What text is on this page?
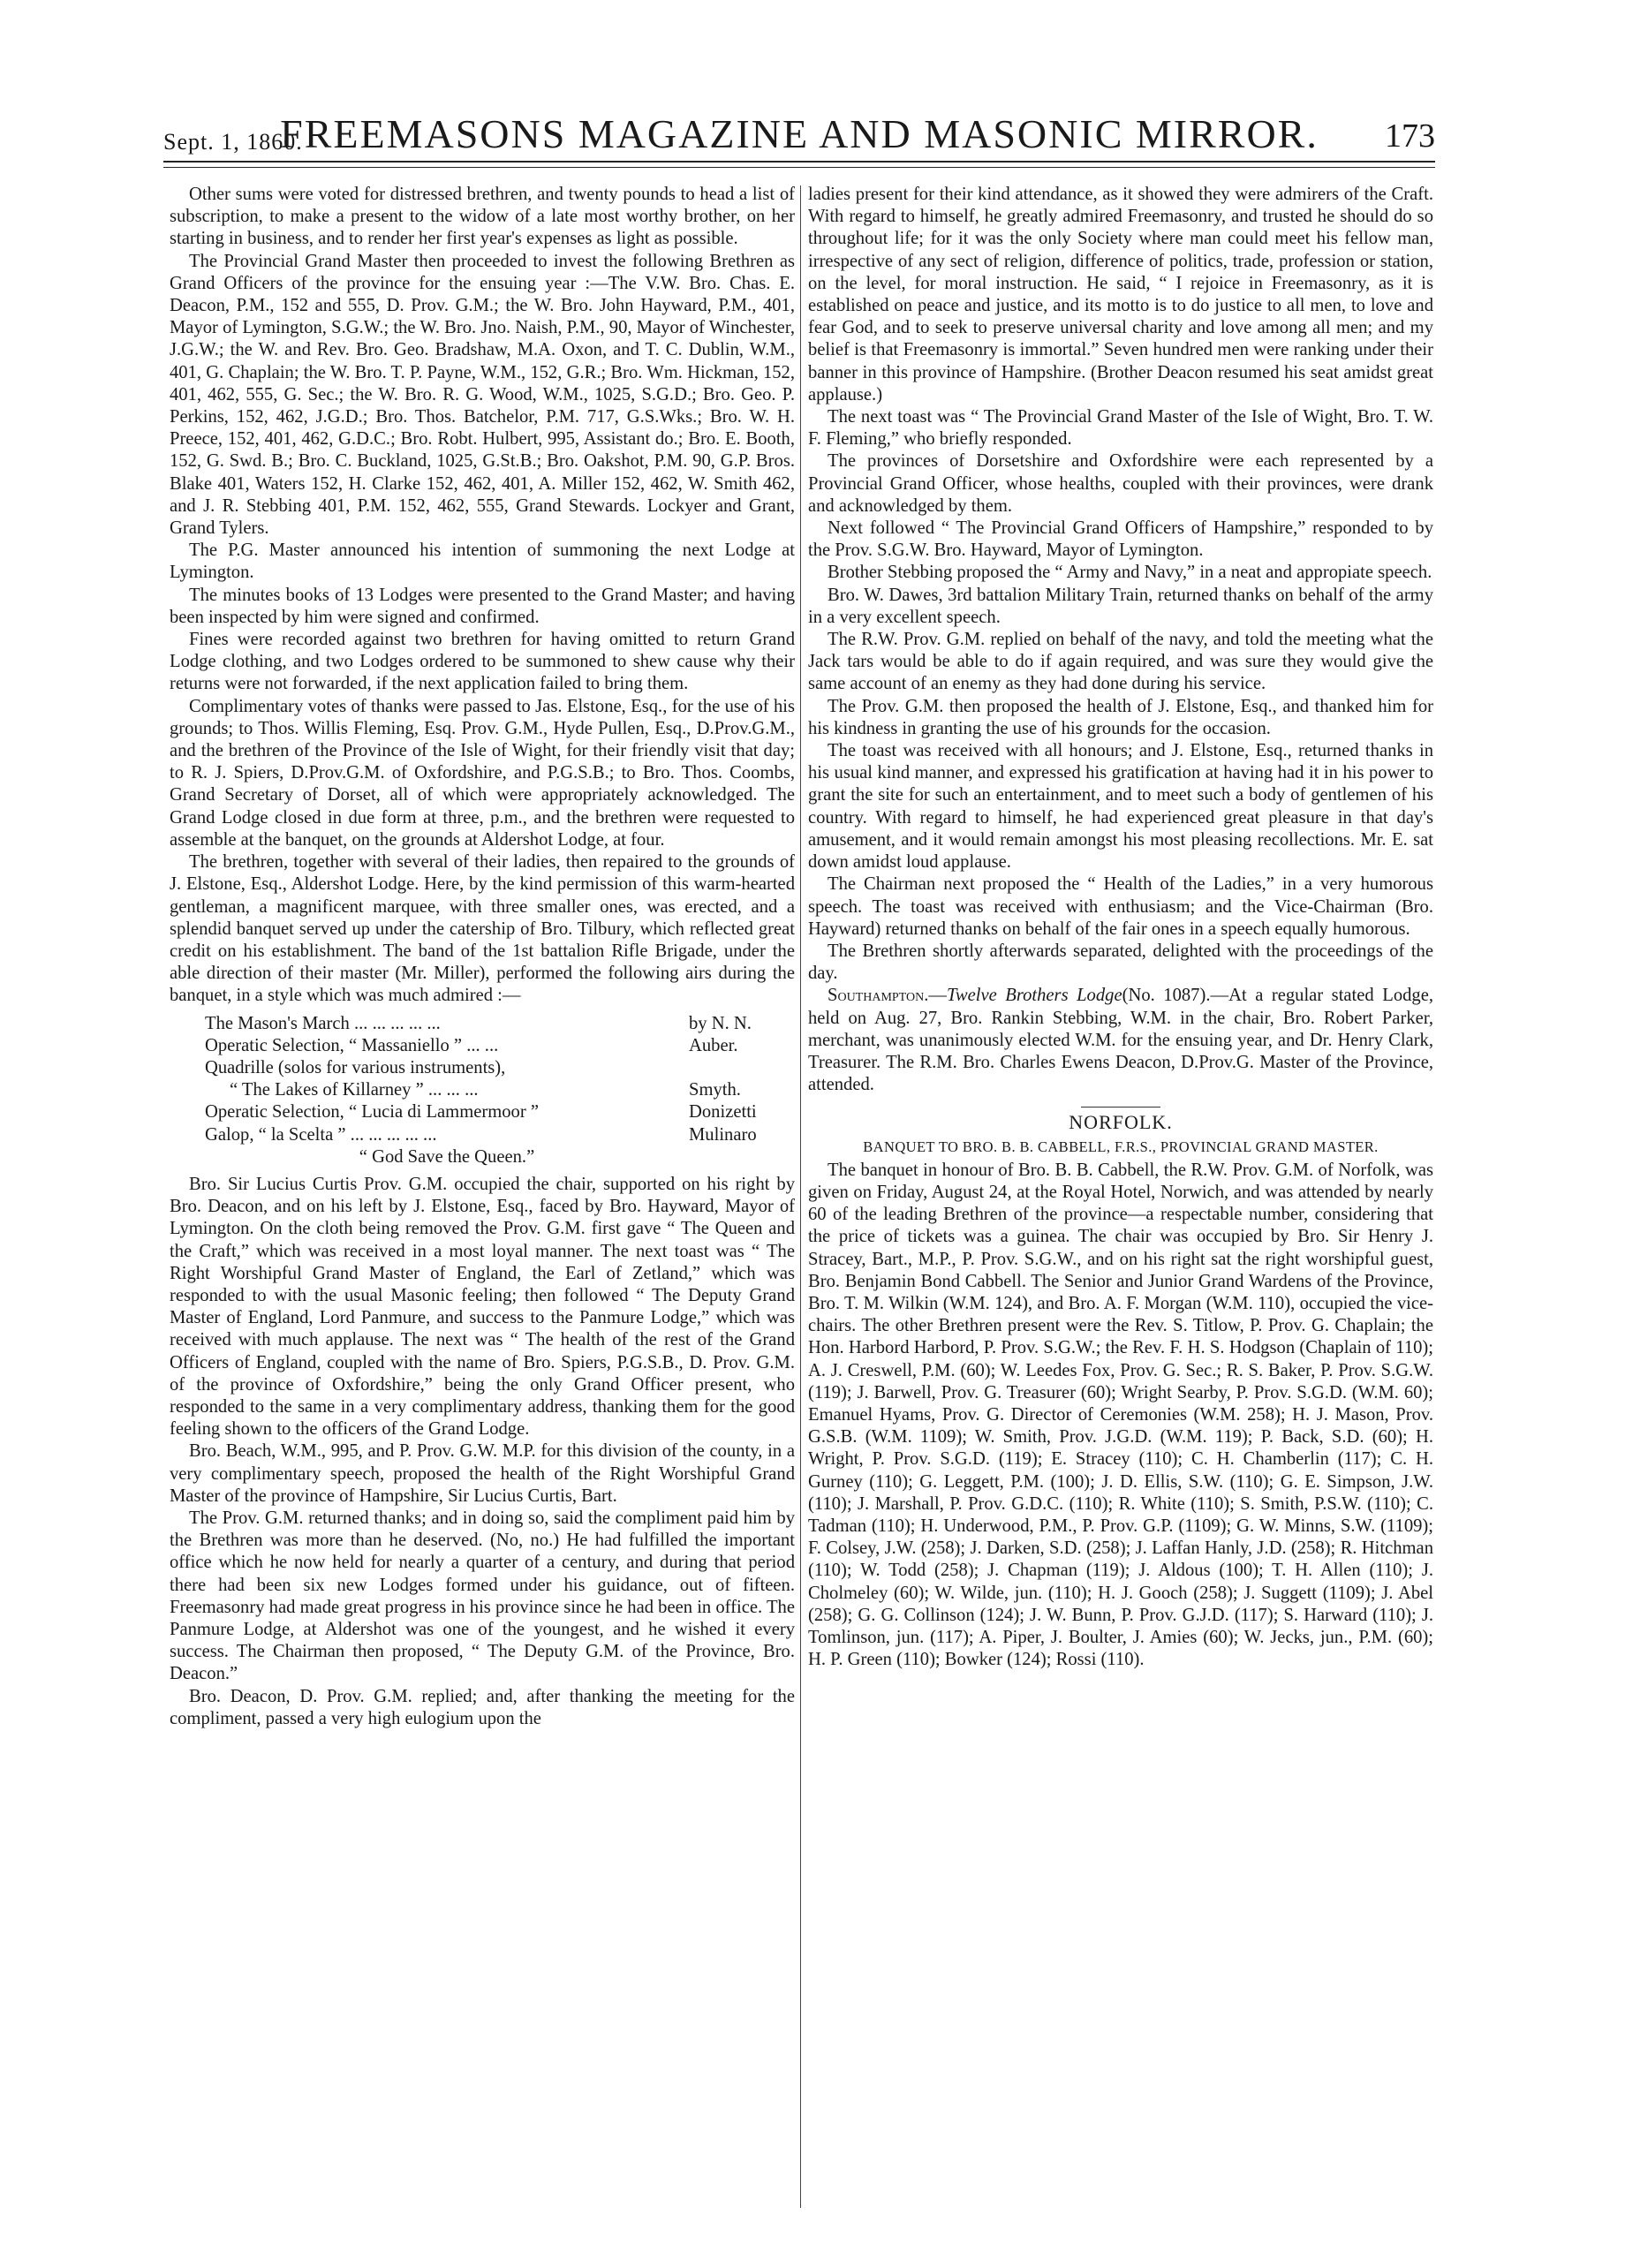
Sept. 1, 1860.
FREEMASONS MAGAZINE AND MASONIC MIRROR.	173

Other sums were voted for distressed brethren, and twenty pounds to head a list of subscription, to make a present to the widow of a late most worthy brother, on her starting in business, and to render her first year's expenses as light as possible.

The Provincial Grand Master then proceeded to invest the following Brethren as Grand Officers of the province for the ensuing year :—The V.W. Bro. Chas. E. Deacon, P.M., 152 and 555, D. Prov. G.M.; the W. Bro. John Hayward, P.M., 401, Mayor of Lymington, S.G.W.; the W. Bro. Jno. Naish, P.M., 90, Mayor of Winchester, J.G.W.; the W. and Rev. Bro. Geo. Bradshaw, M.A. Oxon, and T. C. Dublin, W.M., 401, G. Chaplain; the W. Bro. T. P. Payne, W.M., 152, G.R.; Bro. Wm. Hickman, 152, 401, 462, 555, G. Sec.; the W. Bro. R. G. Wood, W.M., 1025, S.G.D.; Bro. Geo. P. Perkins, 152, 462, J.G.D.; Bro. Thos. Batchelor, P.M. 717, G.S.Wks.; Bro. W. H. Preece, 152, 401, 462, G.D.C.; Bro. Robt. Hulbert, 995, Assistant do.; Bro. E. Booth, 152, G. Swd. B.; Bro. C. Buckland, 1025, G.St.B.; Bro. Oakshot, P.M. 90, G.P. Bros. Blake 401, Waters 152, H. Clarke 152, 462, 401, A. Miller 152, 462, W. Smith 462, and J. R. Stebbing 401, P.M. 152, 462, 555, Grand Stewards. Lockyer and Grant, Grand Tylers.

The P.G. Master announced his intention of summoning the next Lodge at Lymington.

The minutes books of 13 Lodges were presented to the Grand Master; and having been inspected by him were signed and confirmed.

Fines were recorded against two brethren for having omitted to return Grand Lodge clothing, and two Lodges ordered to be summoned to shew cause why their returns were not forwarded, if the next application failed to bring them.

Complimentary votes of thanks were passed to Jas. Elstone, Esq., for the use of his grounds; to Thos. Willis Fleming, Esq. Prov. G.M., Hyde Pullen, Esq., D.Prov.G.M., and the brethren of the Province of the Isle of Wight, for their friendly visit that day; to R. J. Spiers, D.Prov.G.M. of Oxfordshire, and P.G.S.B.; to Bro. Thos. Coombs, Grand Secretary of Dorset, all of which were appropriately acknowledged. The Grand Lodge closed in due form at three, p.m., and the brethren were requested to assemble at the banquet, on the grounds at Aldershot Lodge, at four.

The brethren, together with several of their ladies, then repaired to the grounds of J. Elstone, Esq., Aldershot Lodge. Here, by the kind permission of this warm-hearted gentleman, a magnificent marquee, with three smaller ones, was erected, and a splendid banquet served up under the catership of Bro. Tilbury, which reflected great credit on his establishment. The band of the 1st battalion Rifle Brigade, under the able direction of their master (Mr. Miller), performed the following airs during the banquet, in a style which was much admired :—

The Mason's March ... ... ... ... ...	by N. N.
Operatic Selection, “ Massaniello ” ... ...	Auber.
Quadrille (solos for various instruments),
“ The Lakes of Killarney ” ... ... ...	Smyth.
Operatic Selection, “ Lucia di Lammermoor ”	Donizetti
Galop, “ la Scelta ” ... ... ... ... ...	Mulinaro
“ God Save the Queen.”

Bro. Sir Lucius Curtis Prov. G.M. occupied the chair, supported on his right by Bro. Deacon, and on his left by J. Elstone, Esq., faced by Bro. Hayward, Mayor of Lymington. On the cloth being removed the Prov. G.M. first gave “ The Queen and the Craft,” which was received in a most loyal manner. The next toast was “ The Right Worshipful Grand Master of England, the Earl of Zetland,” which was responded to with the usual Masonic feeling; then followed “ The Deputy Grand Master of England, Lord Panmure, and success to the Panmure Lodge,” which was received with much applause. The next was “ The health of the rest of the Grand Officers of England, coupled with the name of Bro. Spiers, P.G.S.B., D. Prov. G.M. of the province of Oxfordshire,” being the only Grand Officer present, who responded to the same in a very complimentary address, thanking them for the good feeling shown to the officers of the Grand Lodge.

Bro. Beach, W.M., 995, and P. Prov. G.W. M.P. for this division of the county, in a very complimentary speech, proposed the health of the Right Worshipful Grand Master of the province of Hampshire, Sir Lucius Curtis, Bart.

The Prov. G.M. returned thanks; and in doing so, said the compliment paid him by the Brethren was more than he deserved. (No, no.) He had fulfilled the important office which he now held for nearly a quarter of a century, and during that period there had been six new Lodges formed under his guidance, out of fifteen. Freemasonry had made great progress in his province since he had been in office. The Panmure Lodge, at Aldershot was one of the youngest, and he wished it every success. The Chairman then proposed, “ The Deputy G.M. of the Province, Bro. Deacon.”

Bro. Deacon, D. Prov. G.M. replied; and, after thanking the meeting for the compliment, passed a very high eulogium upon the

ladies present for their kind attendance, as it showed they were admirers of the Craft. With regard to himself, he greatly admired Freemasonry, and trusted he should do so throughout life; for it was the only Society where man could meet his fellow man, irrespective of any sect of religion, difference of politics, trade, profession or station, on the level, for moral instruction. He said, “ I rejoice in Freemasonry, as it is established on peace and justice, and its motto is to do justice to all men, to love and fear God, and to seek to preserve universal charity and love among all men; and my belief is that Freemasonry is immortal.” Seven hundred men were ranking under their banner in this province of Hampshire. (Brother Deacon resumed his seat amidst great applause.)

The next toast was “ The Provincial Grand Master of the Isle of Wight, Bro. T. W. F. Fleming,” who briefly responded.

The provinces of Dorsetshire and Oxfordshire were each represented by a Provincial Grand Officer, whose healths, coupled with their provinces, were drank and acknowledged by them.

Next followed “ The Provincial Grand Officers of Hampshire,” responded to by the Prov. S.G.W. Bro. Hayward, Mayor of Lymington.

Brother Stebbing proposed the “ Army and Navy,” in a neat and appropiate speech.

Bro. W. Dawes, 3rd battalion Military Train, returned thanks on behalf of the army in a very excellent speech.

The R.W. Prov. G.M. replied on behalf of the navy, and told the meeting what the Jack tars would be able to do if again required, and was sure they would give the same account of an enemy as they had done during his service.

The Prov. G.M. then proposed the health of J. Elstone, Esq., and thanked him for his kindness in granting the use of his grounds for the occasion.

The toast was received with all honours; and J. Elstone, Esq., returned thanks in his usual kind manner, and expressed his gratification at having had it in his power to grant the site for such an entertainment, and to meet such a body of gentlemen of his country. With regard to himself, he had experienced great pleasure in that day's amusement, and it would remain amongst his most pleasing recollections. Mr. E. sat down amidst loud applause.

The Chairman next proposed the “ Health of the Ladies,” in a very humorous speech. The toast was received with enthusiasm; and the Vice-Chairman (Bro. Hayward) returned thanks on behalf of the fair ones in a speech equally humorous.

The Brethren shortly afterwards separated, delighted with the proceedings of the day.

Southampton.—Twelve Brothers Lodge(No. 1087).—At a regular stated Lodge, held on Aug. 27, Bro. Rankin Stebbing, W.M. in the chair, Bro. Robert Parker, merchant, was unanimously elected W.M. for the ensuing year, and Dr. Henry Clark, Treasurer. The R.M. Bro. Charles Ewens Deacon, D.Prov.G. Master of the Province, attended.

NORFOLK.
BANQUET TO BRO. B. B. CABBELL, F.R.S., PROVINCIAL GRAND MASTER.

The banquet in honour of Bro. B. B. Cabbell, the R.W. Prov. G.M. of Norfolk, was given on Friday, August 24, at the Royal Hotel, Norwich, and was attended by nearly 60 of the leading Brethren of the province—a respectable number, considering that the price of tickets was a guinea. The chair was occupied by Bro. Sir Henry J. Stracey, Bart., M.P., P. Prov. S.G.W., and on his right sat the right worshipful guest, Bro. Benjamin Bond Cabbell. The Senior and Junior Grand Wardens of the Province, Bro. T. M. Wilkin (W.M. 124), and Bro. A. F. Morgan (W.M. 110), occupied the vice-chairs. The other Brethren present were the Rev. S. Titlow, P. Prov. G. Chaplain; the Hon. Harbord Harbord, P. Prov. S.G.W.; the Rev. F. H. S. Hodgson (Chaplain of 110); A. J. Creswell, P.M. (60); W. Leedes Fox, Prov. G. Sec.; R. S. Baker, P. Prov. S.G.W. (119); J. Barwell, Prov. G. Treasurer (60); Wright Searby, P. Prov. S.G.D. (W.M. 60); Emanuel Hyams, Prov. G. Director of Ceremonies (W.M. 258); H. J. Mason, Prov. G.S.B. (W.M. 1109); W. Smith, Prov. J.G.D. (W.M. 119); P. Back, S.D. (60); H. Wright, P. Prov. S.G.D. (119); E. Stracey (110); C. H. Chamberlin (117); C. H. Gurney (110); G. Leggett, P.M. (100); J. D. Ellis, S.W. (110); G. E. Simpson, J.W. (110); J. Marshall, P. Prov. G.D.C. (110); R. White (110); S. Smith, P.S.W. (110); C. Tadman (110); H. Underwood, P.M., P. Prov. G.P. (1109); G. W. Minns, S.W. (1109); F. Colsey, J.W. (258); J. Darken, S.D. (258); J. Laffan Hanly, J.D. (258); R. Hitchman (110); W. Todd (258); J. Chapman (119); J. Aldous (100); T. H. Allen (110); J. Cholmeley (60); W. Wilde, jun. (110); H. J. Gooch (258); J. Suggett (1109); J. Abel (258); G. G. Collinson (124); J. W. Bunn, P. Prov. G.J.D. (117); S. Harward (110); J. Tomlinson, jun. (117); A. Piper, J. Boulter, J. Amies (60); W. Jecks, jun., P.M. (60); H. P. Green (110); Bowker (124); Rossi (110).
